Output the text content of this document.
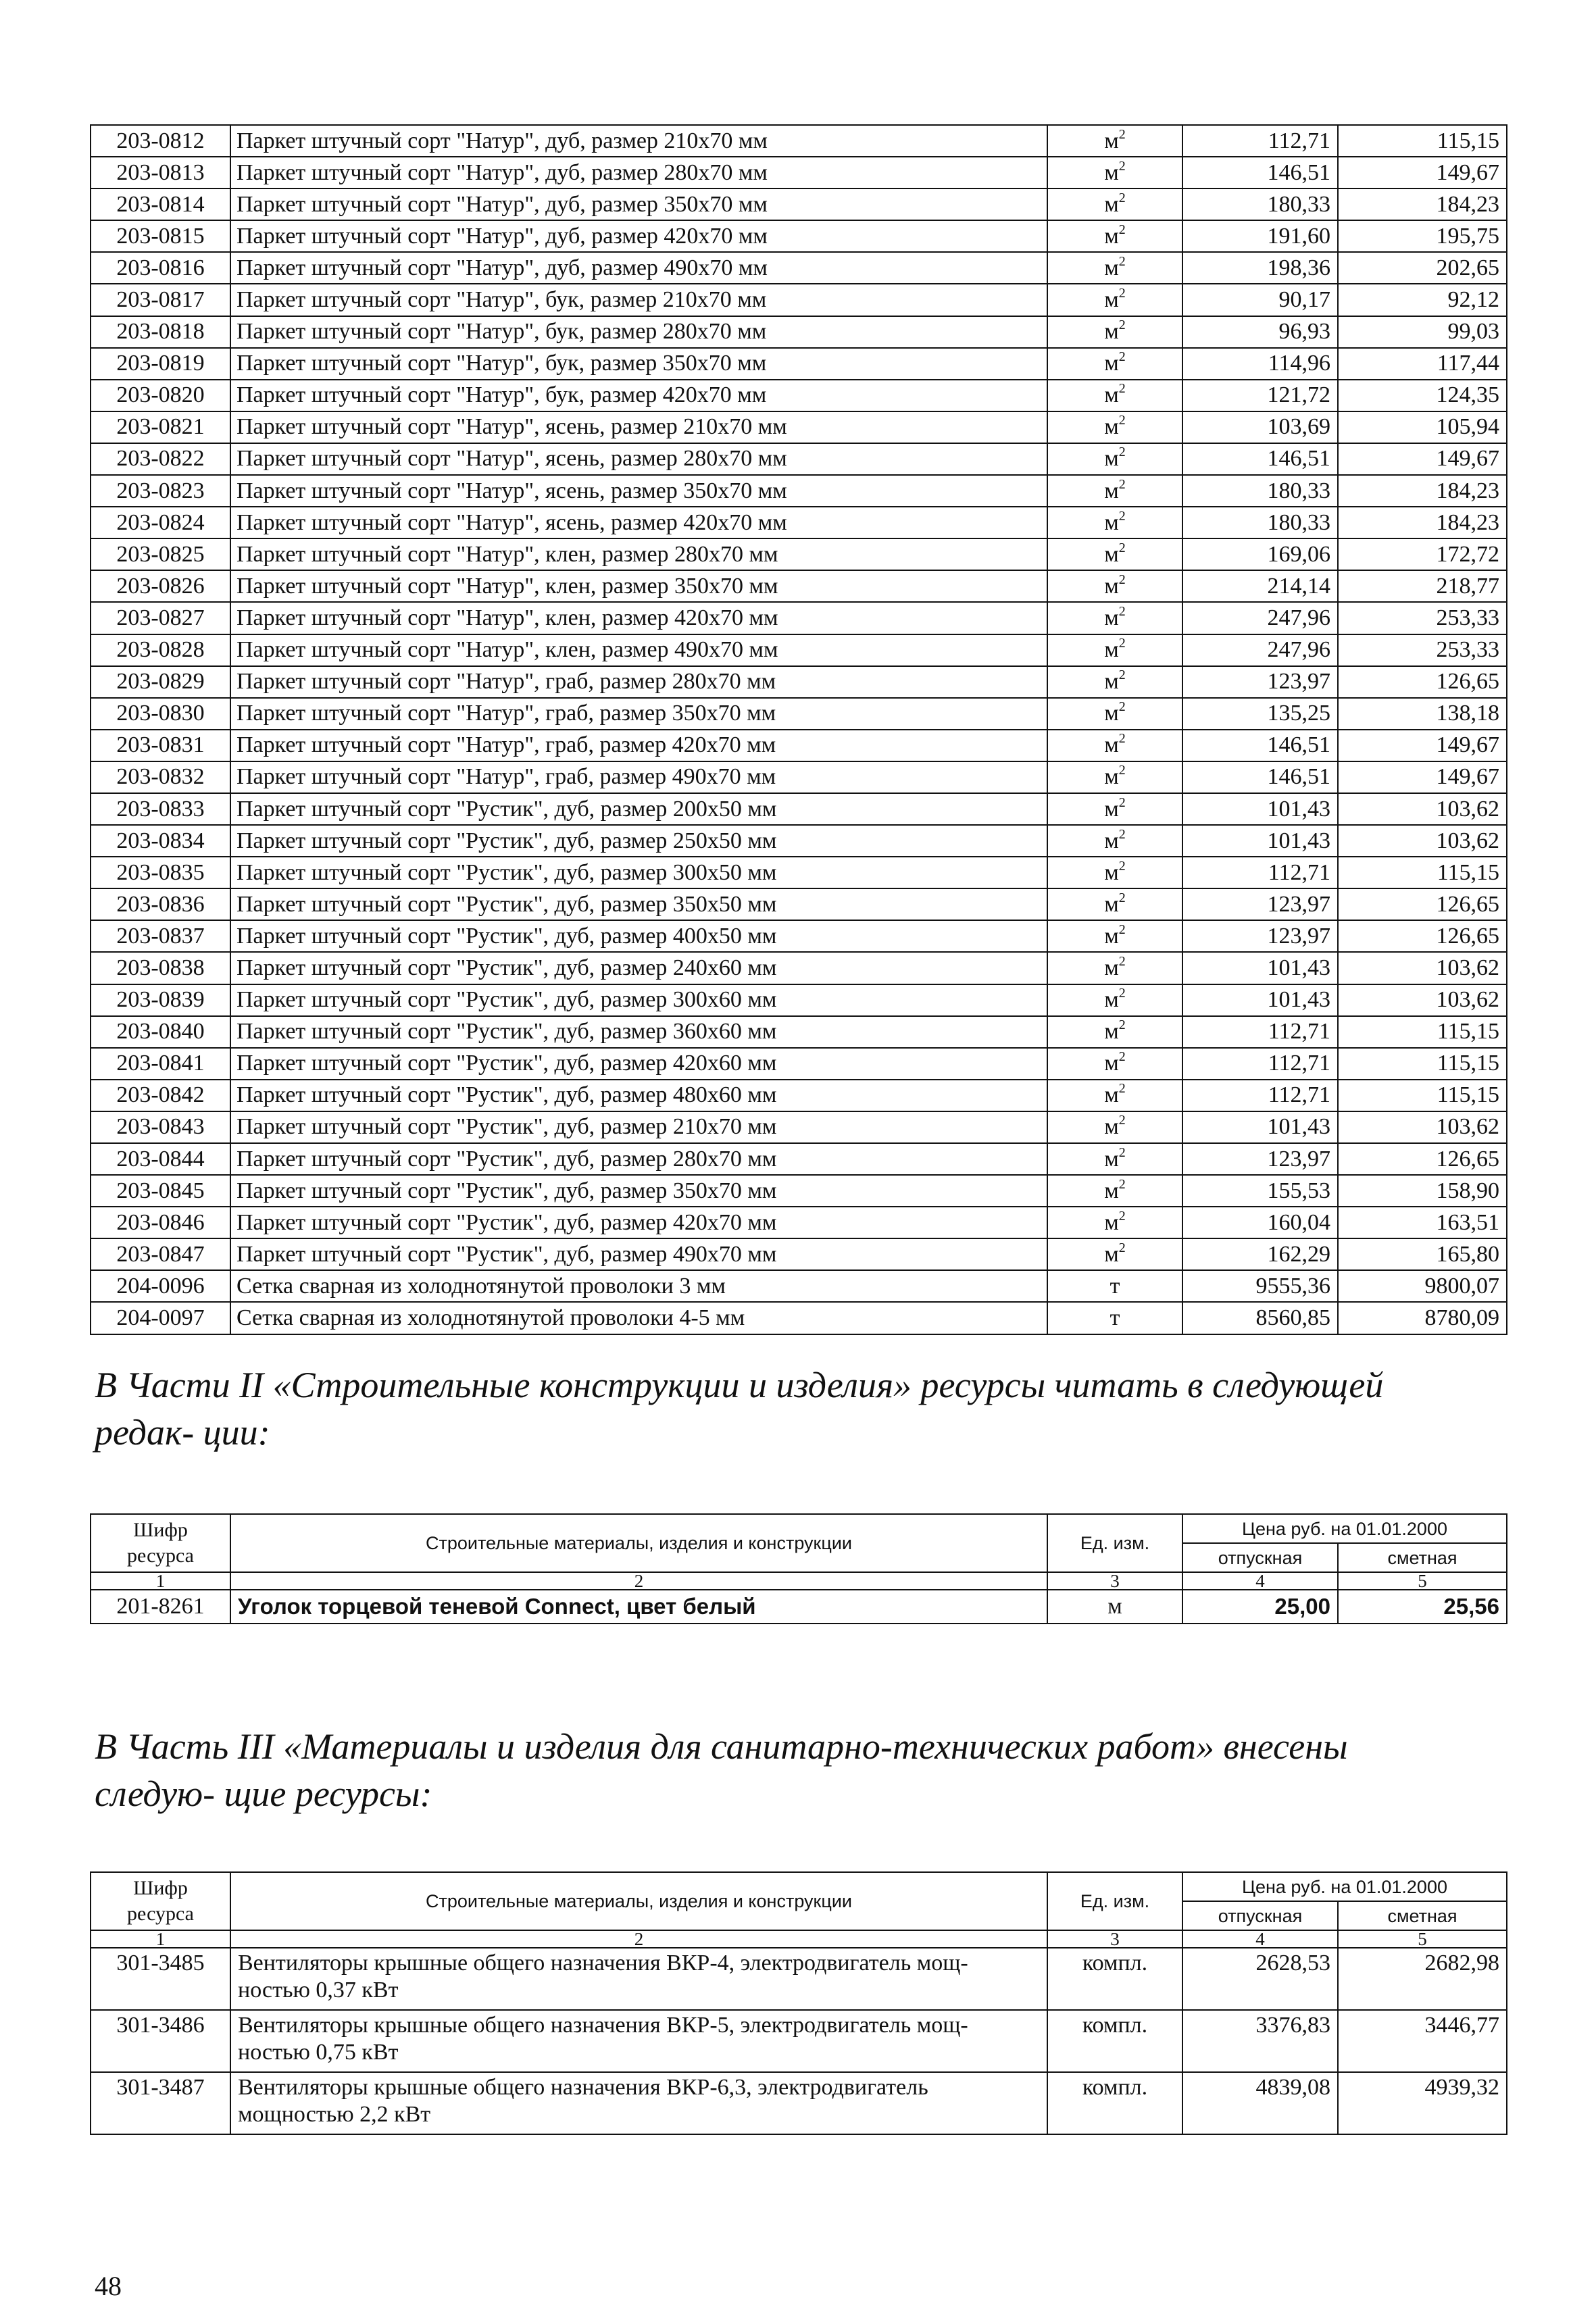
203-0812	Паркет штучный сорт "Натур", дуб, размер 210х70 мм	$м^2$	112,71	115,15
203-0813	Паркет штучный сорт "Натур", дуб, размер 280х70 мм	$м^2$	146,51	149,67
203-0814	Паркет штучный сорт "Натур", дуб, размер 350х70 мм	$м^2$	180,33	184,23
203-0815	Паркет штучный сорт "Натур", дуб, размер 420х70 мм	$м^2$	191,60	195,75
203-0816	Паркет штучный сорт "Натур", дуб, размер 490х70 мм	$м^2$	198,36	202,65
203-0817	Паркет штучный сорт "Натур", бук, размер 210х70 мм	$м^2$	90,17	92,12
203-0818	Паркет штучный сорт "Натур", бук, размер 280х70 мм	$м^2$	96,93	99,03
203-0819	Паркет штучный сорт "Натур", бук, размер 350х70 мм	$м^2$	114,96	117,44
203-0820	Паркет штучный сорт "Натур", бук, размер 420х70 мм	$м^2$	121,72	124,35
203-0821	Паркет штучный сорт "Натур", ясень, размер 210х70 мм	$м^2$	103,69	105,94
203-0822	Паркет штучный сорт "Натур", ясень, размер 280х70 мм	$м^2$	146,51	149,67
203-0823	Паркет штучный сорт "Натур", ясень, размер 350х70 мм	$м^2$	180,33	184,23
203-0824	Паркет штучный сорт "Натур", ясень, размер 420х70 мм	$м^2$	180,33	184,23
203-0825	Паркет штучный сорт "Натур", клен, размер 280х70 мм	$м^2$	169,06	172,72
203-0826	Паркет штучный сорт "Натур", клен, размер 350х70 мм	$м^2$	214,14	218,77
203-0827	Паркет штучный сорт "Натур", клен, размер 420х70 мм	$м^2$	247,96	253,33
203-0828	Паркет штучный сорт "Натур", клен, размер 490х70 мм	$м^2$	247,96	253,33
203-0829	Паркет штучный сорт "Натур", граб, размер 280х70 мм	$м^2$	123,97	126,65
203-0830	Паркет штучный сорт "Натур", граб, размер 350х70 мм	$м^2$	135,25	138,18
203-0831	Паркет штучный сорт "Натур", граб, размер 420х70 мм	$м^2$	146,51	149,67
203-0832	Паркет штучный сорт "Натур", граб, размер 490х70 мм	$м^2$	146,51	149,67
203-0833	Паркет штучный сорт "Рустик", дуб, размер 200х50 мм	$м^2$	101,43	103,62
203-0834	Паркет штучный сорт "Рустик", дуб, размер 250х50 мм	$м^2$	101,43	103,62
203-0835	Паркет штучный сорт "Рустик", дуб, размер 300х50 мм	$м^2$	112,71	115,15
203-0836	Паркет штучный сорт "Рустик", дуб, размер 350х50 мм	$м^2$	123,97	126,65
203-0837	Паркет штучный сорт "Рустик", дуб, размер 400х50 мм	$м^2$	123,97	126,65
203-0838	Паркет штучный сорт "Рустик", дуб, размер 240х60 мм	$м^2$	101,43	103,62
203-0839	Паркет штучный сорт "Рустик", дуб, размер 300х60 мм	$м^2$	101,43	103,62
203-0840	Паркет штучный сорт "Рустик", дуб, размер 360х60 мм	$м^2$	112,71	115,15
203-0841	Паркет штучный сорт "Рустик", дуб, размер 420х60 мм	$м^2$	112,71	115,15
203-0842	Паркет штучный сорт "Рустик", дуб, размер 480х60 мм	$м^2$	112,71	115,15
203-0843	Паркет штучный сорт "Рустик", дуб, размер 210х70 мм	$м^2$	101,43	103,62
203-0844	Паркет штучный сорт "Рустик", дуб, размер 280х70 мм	$м^2$	123,97	126,65
203-0845	Паркет штучный сорт "Рустик", дуб, размер 350х70 мм	$м^2$	155,53	158,90
203-0846	Паркет штучный сорт "Рустик", дуб, размер 420х70 мм	$м^2$	160,04	163,51
203-0847	Паркет штучный сорт "Рустик", дуб, размер 490х70 мм	$м^2$	162,29	165,80
204-0096	Сетка сварная из холоднотянутой проволоки 3 мм	т	9555,36	9800,07
204-0097	Сетка сварная из холоднотянутой проволоки 4-5 мм	т	8560,85	8780,09

В Части II «Строительные конструкции и изделия» ресурсы читать в следующей редак- ции:

Шифр ресурса	Строительные материалы, изделия и конструкции	Ед. изм.	Цена руб. на 01.01.2000	
			отпускная	сметная
1	2	3	4	5
201-8261	Уголок торцевой теневой Connect, цвет белый	м	25,00	25,56

В Часть III «Материалы и изделия для санитарно-технических работ» внесены следую- щие ресурсы:

Шифр ресурса	Строительные материалы, изделия и конструкции	Ед. изм.	Цена руб. на 01.01.2000	
			отпускная	сметная
1	2	3	4	5
301-3485	Вентиляторы крышные общего назначения ВКР-4, электродвигатель мощ- ностью 0,37 кВт	компл.	2628,53	2682,98
301-3486	Вентиляторы крышные общего назначения ВКР-5, электродвигатель мощ- ностью 0,75 кВт	компл.	3376,83	3446,77
301-3487	Вентиляторы крышные общего назначения ВКР-6,3, электродвигатель мощностью 2,2 кВт	компл.	4839,08	4939,32
48
